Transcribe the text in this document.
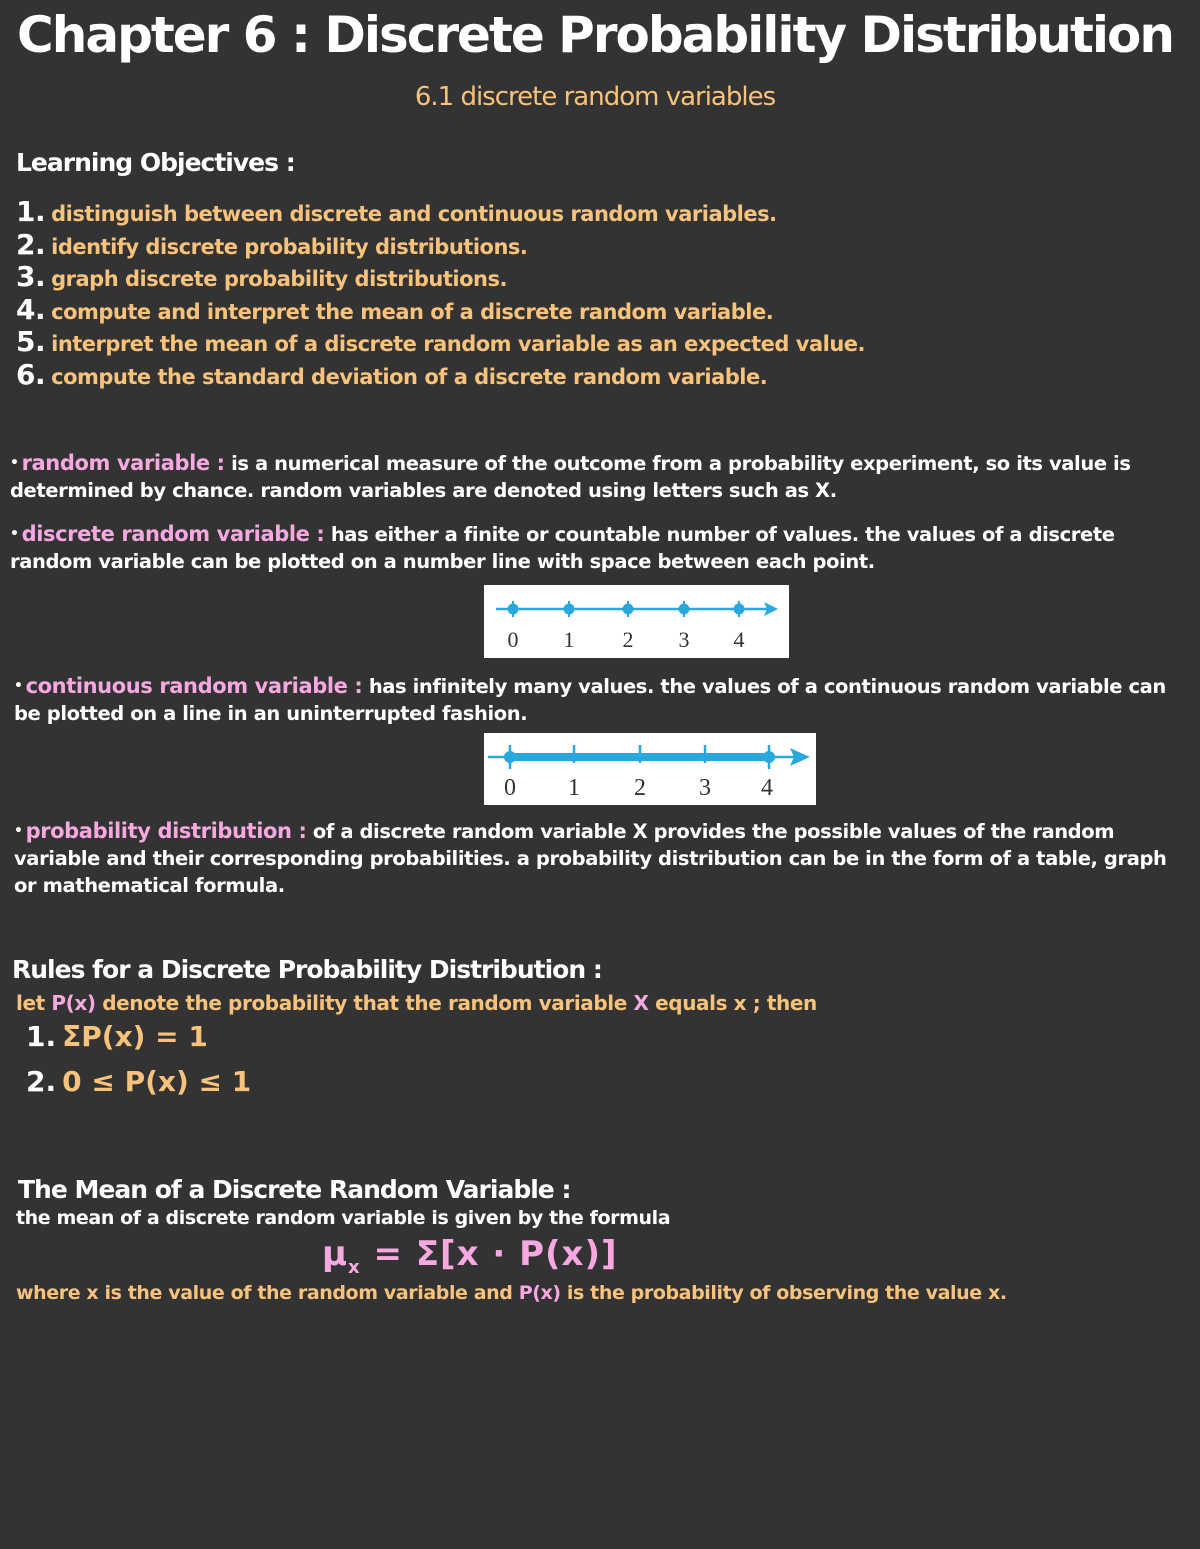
Chapter 6 : Discrete Probability Distribution
6.1 discrete random variables
Learning Objectives :
1. distinguish between discrete and continuous random variables.
2. identify discrete probability distributions.
3. graph discrete probability distributions.
4. compute and interpret the mean of a discrete random variable.
5. interpret the mean of a discrete random variable as an expected value.
6. compute the standard deviation of a discrete random variable.
• random variable : is a numerical measure of the outcome from a probability experiment, so its value is determined by chance. random variables are denoted using letters such as X.
• discrete random variable : has either a finite or countable number of values. the values of a discrete random variable can be plotted on a number line with space between each point.
0 1 2 3 4
• continuous random variable : has infinitely many values. the values of a continuous random variable can be plotted on a line in an uninterrupted fashion.
0 1 2 3 4
• probability distribution : of a discrete random variable X provides the possible values of the random variable and their corresponding probabilities. a probability distribution can be in the form of a table, graph or mathematical formula.
Rules for a Discrete Probability Distribution :
let P(x) denote the probability that the random variable X equals x ; then
1. ΣP(x) = 1
2. 0 ≤ P(x) ≤ 1
The Mean of a Discrete Random Variable :
the mean of a discrete random variable is given by the formula
$\mu_x = \Sigma[x \cdot P(x)]$
where x is the value of the random variable and P(x) is the probability of observing the value x.
